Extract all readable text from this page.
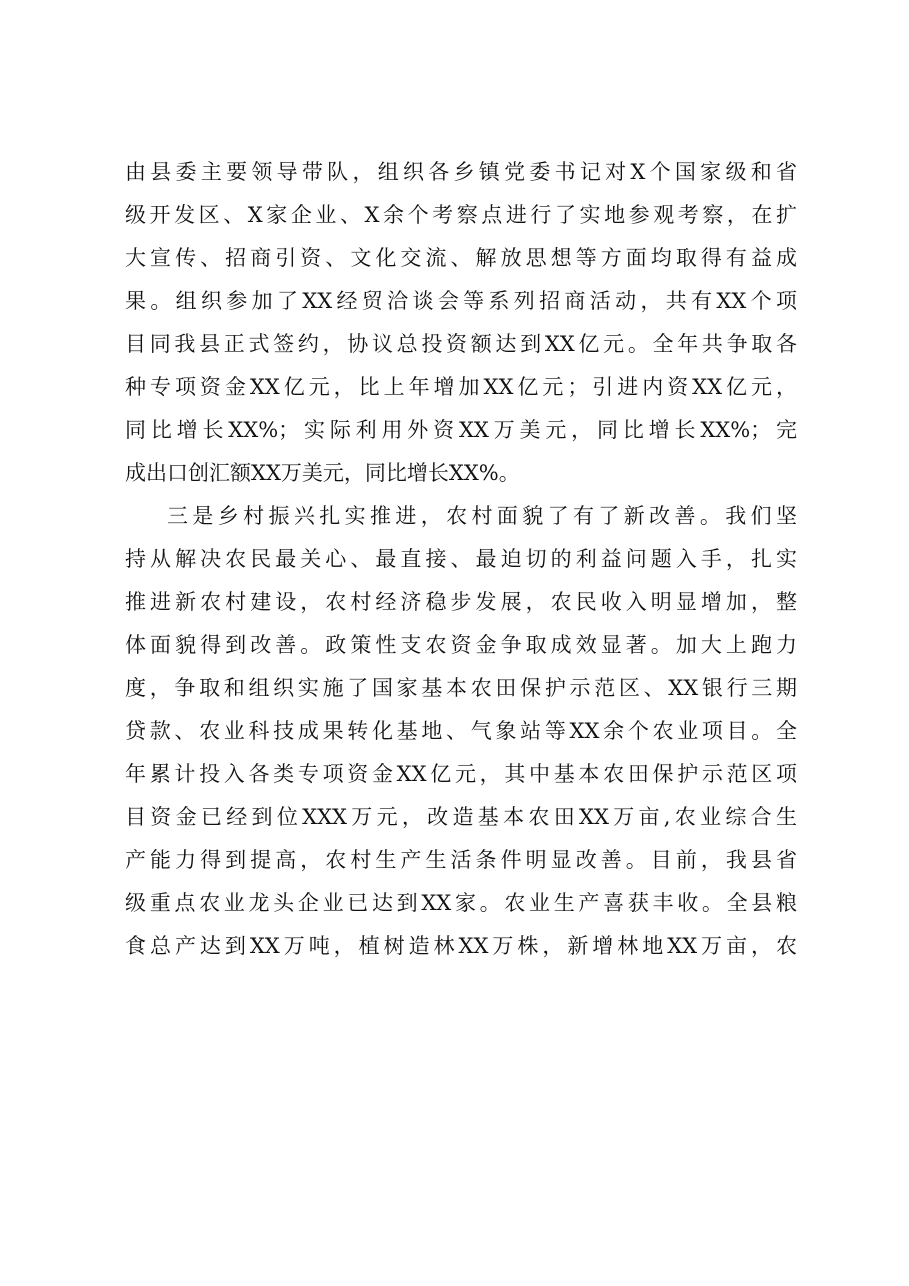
由县委主要领导带队，组织各乡镇党委书记对X个国家级和省
级开发区、X家企业、X余个考察点进行了实地参观考察，在扩
大宣传、招商引资、文化交流、解放思想等方面均取得有益成
果。组织参加了XX经贸洽谈会等系列招商活动，共有XX个项
目同我县正式签约，协议总投资额达到XX亿元。全年共争取各
种专项资金XX亿元，比上年增加XX亿元；引进内资XX亿元，
同比增长XX%；实际利用外资XX万美元，同比增长XX%；完
成出口创汇额XX万美元，同比增长XX%。
三是乡村振兴扎实推进，农村面貌了有了新改善。我们坚
持从解决农民最关心、最直接、最迫切的利益问题入手，扎实
推进新农村建设，农村经济稳步发展，农民收入明显增加，整
体面貌得到改善。政策性支农资金争取成效显著。加大上跑力
度，争取和组织实施了国家基本农田保护示范区、XX银行三期
贷款、农业科技成果转化基地、气象站等XX余个农业项目。全
年累计投入各类专项资金XX亿元，其中基本农田保护示范区项
目资金已经到位XXX万元，改造基本农田XX万亩,农业综合生
产能力得到提高，农村生产生活条件明显改善。目前，我县省
级重点农业龙头企业已达到XX家。农业生产喜获丰收。全县粮
食总产达到XX万吨，植树造林XX万株，新增林地XX万亩，农
